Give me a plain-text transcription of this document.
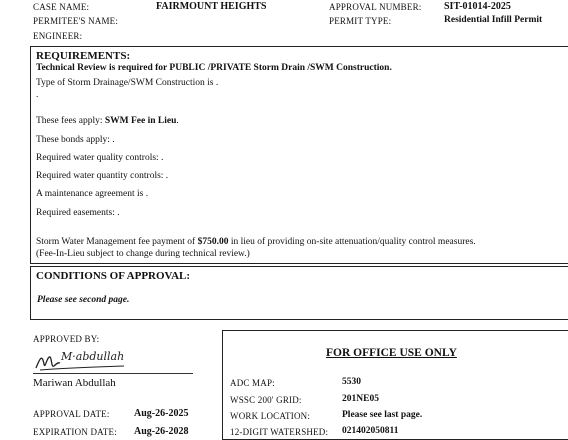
CASE NAME:	FAIRMOUNT HEIGHTS
PERMITEE'S NAME:
ENGINEER:
APPROVAL NUMBER: SIT-01014-2025
PERMIT TYPE:	Residential Infill Permit
REQUIREMENTS:
Technical Review is required for PUBLIC /PRIVATE Storm Drain /SWM Construction.
Type of Storm Drainage/SWM Construction is .
.
These fees apply: SWM Fee in Lieu.
These bonds apply: .
Required water quality controls: .
Required water quantity controls: .
A maintenance agreement is .
Required easements: .
Storm Water Management fee payment of $750.00 in lieu of providing on-site attenuation/quality control measures.
(Fee-In-Lieu subject to change during technical review.)
CONDITIONS OF APPROVAL:
Please see second page.
APPROVED BY:
M·abdullah
Mariwan Abdullah
APPROVAL DATE: Aug-26-2025
EXPIRATION DATE: Aug-26-2028
FOR OFFICE USE ONLY
ADC MAP:	5530
WSSC 200' GRID:	201NE05
WORK LOCATION:	Please see last page.
12-DIGIT WATERSHED: 021402050811
